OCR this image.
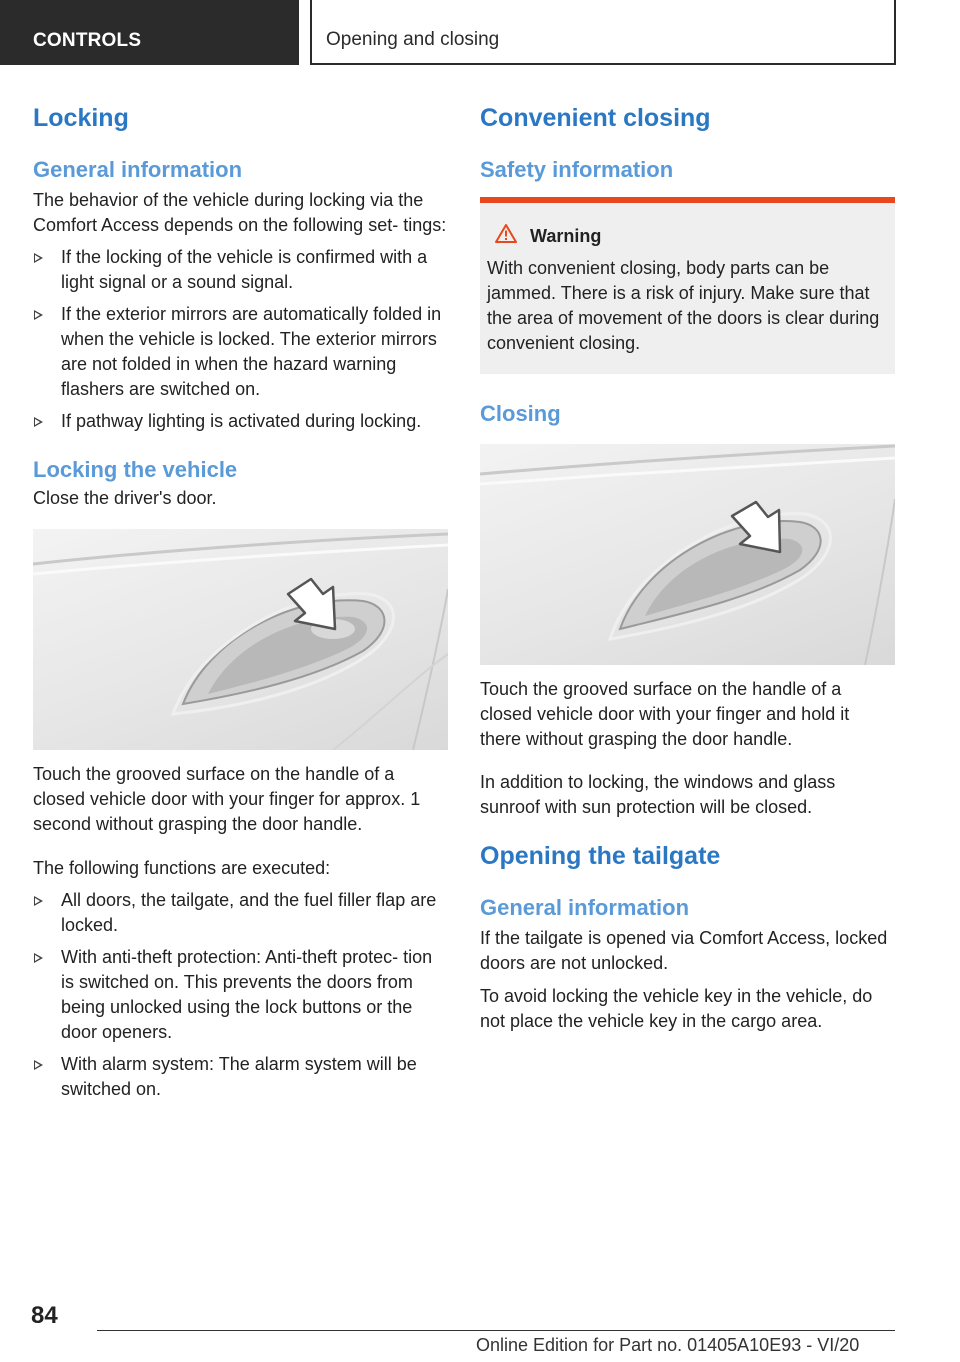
CONTROLS	Opening and closing
Locking
General information

The behavior of the vehicle during locking via the Comfort Access depends on the following set‐ tings:

If the locking of the vehicle is confirmed with a light signal or a sound signal.
If the exterior mirrors are automatically folded in when the vehicle is locked. The exterior mirrors are not folded in when the hazard warning flashers are switched on.
If pathway lighting is activated during locking.
Locking the vehicle

Close the driver's door.

Touch the grooved surface on the handle of a closed vehicle door with your finger for approx. 1 second without grasping the door handle.

The following functions are executed:

All doors, the tailgate, and the fuel filler flap are locked.
With anti-theft protection: Anti-theft protec‐ tion is switched on. This prevents the doors from being unlocked using the lock buttons or the door openers.
With alarm system: The alarm system will be switched on.
Convenient closing
Safety information
Warning

With convenient closing, body parts can be jammed. There is a risk of injury. Make sure that the area of movement of the doors is clear during convenient closing.

Closing

Touch the grooved surface on the handle of a closed vehicle door with your finger and hold it there without grasping the door handle.

In addition to locking, the windows and glass sunroof with sun protection will be closed.

Opening the tailgate
General information

If the tailgate is opened via Comfort Access, locked doors are not unlocked.

To avoid locking the vehicle key in the vehicle, do not place the vehicle key in the cargo area.

84
Online Edition for Part no. 01405A10E93 - VI/20
